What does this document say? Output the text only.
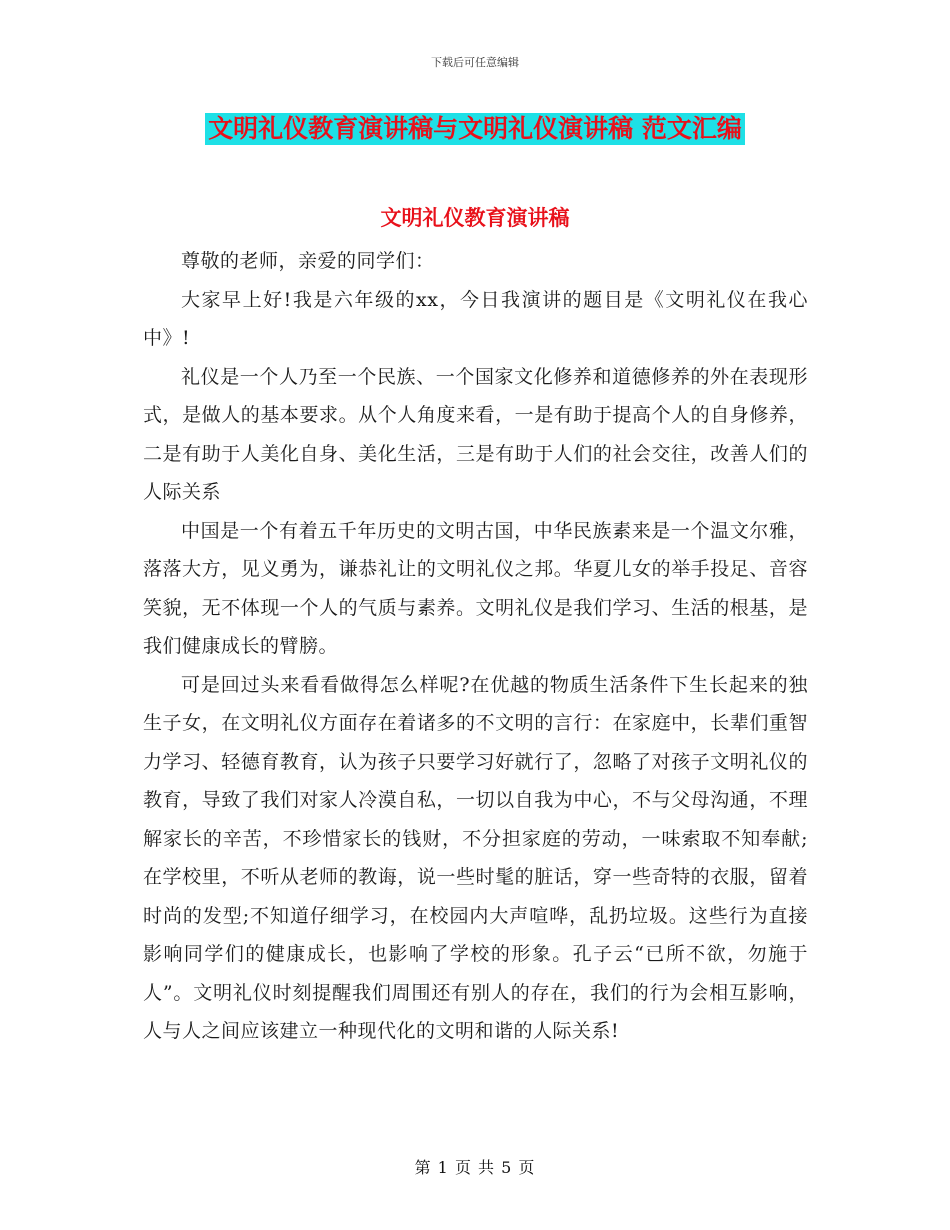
下载后可任意编辑
文明礼仪教育演讲稿与文明礼仪演讲稿 范文汇编
文明礼仪教育演讲稿

尊敬的老师，亲爱的同学们：

大家早上好!我是六年级的xx，今日我演讲的题目是《文明礼仪在我心中》!

礼仪是一个人乃至一个民族、一个国家文化修养和道德修养的外在表现形式，是做人的基本要求。从个人角度来看，一是有助于提高个人的自身修养，二是有助于人美化自身、美化生活，三是有助于人们的社会交往，改善人们的人际关系

中国是一个有着五千年历史的文明古国，中华民族素来是一个温文尔雅，落落大方，见义勇为，谦恭礼让的文明礼仪之邦。华夏儿女的举手投足、音容笑貌，无不体现一个人的气质与素养。文明礼仪是我们学习、生活的根基，是我们健康成长的臂膀。

可是回过头来看看做得怎么样呢?在优越的物质生活条件下生长起来的独生子女，在文明礼仪方面存在着诸多的不文明的言行：在家庭中，长辈们重智力学习、轻德育教育，认为孩子只要学习好就行了，忽略了对孩子文明礼仪的教育，导致了我们对家人冷漠自私，一切以自我为中心，不与父母沟通，不理解家长的辛苦，不珍惜家长的钱财，不分担家庭的劳动，一味索取不知奉献;在学校里，不听从老师的教诲，说一些时髦的脏话，穿一些奇特的衣服，留着时尚的发型;不知道仔细学习，在校园内大声喧哗，乱扔垃圾。这些行为直接影响同学们的健康成长，也影响了学校的形象。孔子云“已所不欲，勿施于人”。文明礼仪时刻提醒我们周围还有别人的存在，我们的行为会相互影响，人与人之间应该建立一种现代化的文明和谐的人际关系!

第 1 页 共 5 页
